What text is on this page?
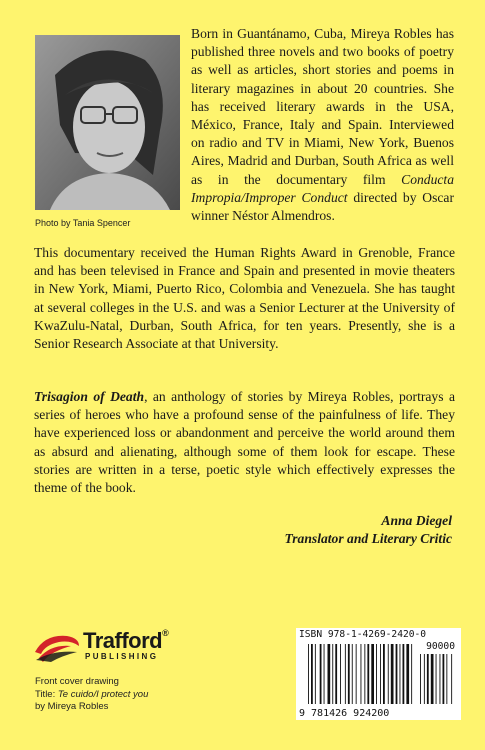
Photo by Tania Spencer
Born in Guantánamo, Cuba, Mireya Robles has published three novels and two books of poetry as well as articles, short stories and poems in literary magazines in about 20 countries. She has received literary awards in the USA, México, France, Italy and Spain. Interviewed on radio and TV in Miami, New York, Buenos Aires, Madrid and Durban, South Africa as well as in the documentary film Conducta Impropia/Improper Conduct directed by Oscar winner Néstor Almendros.
This documentary received the Human Rights Award in Grenoble, France and has been televised in France and Spain and presented in movie theaters in New York, Miami, Puerto Rico, Colombia and Venezuela. She has taught at several colleges in the U.S. and was a Senior Lecturer at the University of KwaZulu-Natal, Durban, South Africa, for ten years. Presently, she is a Senior Research Associate at that University.
Trisagion of Death, an anthology of stories by Mireya Robles, portrays a series of heroes who have a profound sense of the painfulness of life. They have experienced loss or abandonment and perceive the world around them as absurd and alienating, although some of them look for escape. These stories are written in a terse, poetic style which effectively expresses the theme of the book.
Anna Diegel
Translator and Literary Critic
Trafford®
PUBLISHING
Front cover drawing
Title: Te cuido/I protect you
by Mireya Robles
ISBN 978-1-4269-2420-0
90000
9 781426 924200
